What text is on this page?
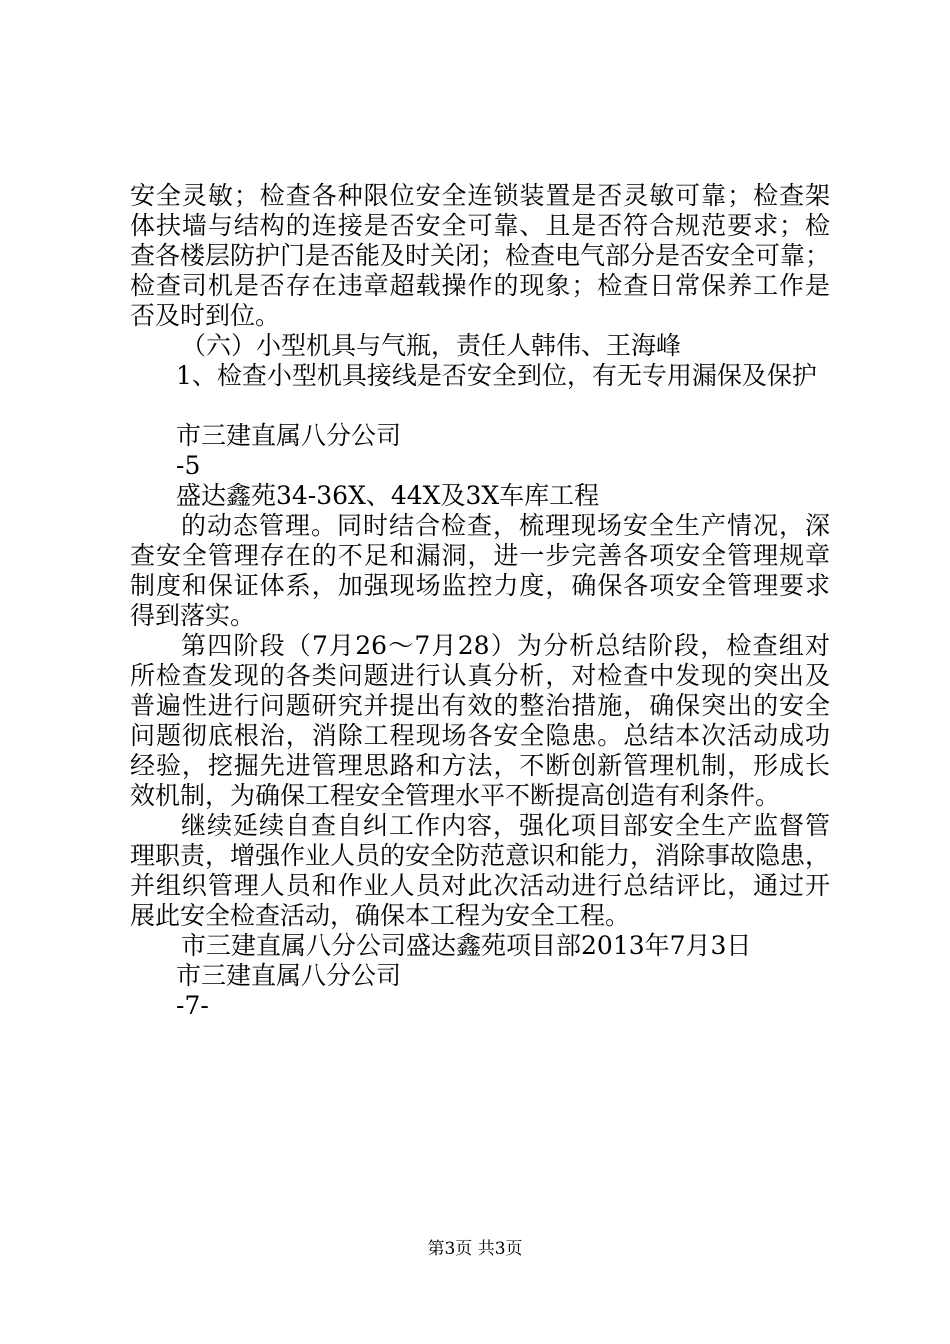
安全灵敏；检查各种限位安全连锁装置是否灵敏可靠；检查架
体扶墙与结构的连接是否安全可靠、且是否符合规范要求；检
查各楼层防护门是否能及时关闭；检查电气部分是否安全可靠；
检查司机是否存在违章超载操作的现象；检查日常保养工作是
否及时到位。
（六）小型机具与气瓶，责任人韩伟、王海峰
1、检查小型机具接线是否安全到位，有无专用漏保及保护
市三建直属八分公司
-5
盛达鑫苑34-36X、44X及3X车库工程
的动态管理。同时结合检查，梳理现场安全生产情况，深
查安全管理存在的不足和漏洞，进一步完善各项安全管理规章
制度和保证体系，加强现场监控力度，确保各项安全管理要求
得到落实。
第四阶段（7月26～7月28）为分析总结阶段，检查组对
所检查发现的各类问题进行认真分析，对检查中发现的突出及
普遍性进行问题研究并提出有效的整治措施，确保突出的安全
问题彻底根治，消除工程现场各安全隐患。总结本次活动成功
经验，挖掘先进管理思路和方法，不断创新管理机制，形成长
效机制，为确保工程安全管理水平不断提高创造有利条件。
继续延续自查自纠工作内容，强化项目部安全生产监督管
理职责，增强作业人员的安全防范意识和能力，消除事故隐患，
并组织管理人员和作业人员对此次活动进行总结评比，通过开
展此安全检查活动，确保本工程为安全工程。
市三建直属八分公司盛达鑫苑项目部2013年7月3日
市三建直属八分公司
-7-
第3页 共3页
